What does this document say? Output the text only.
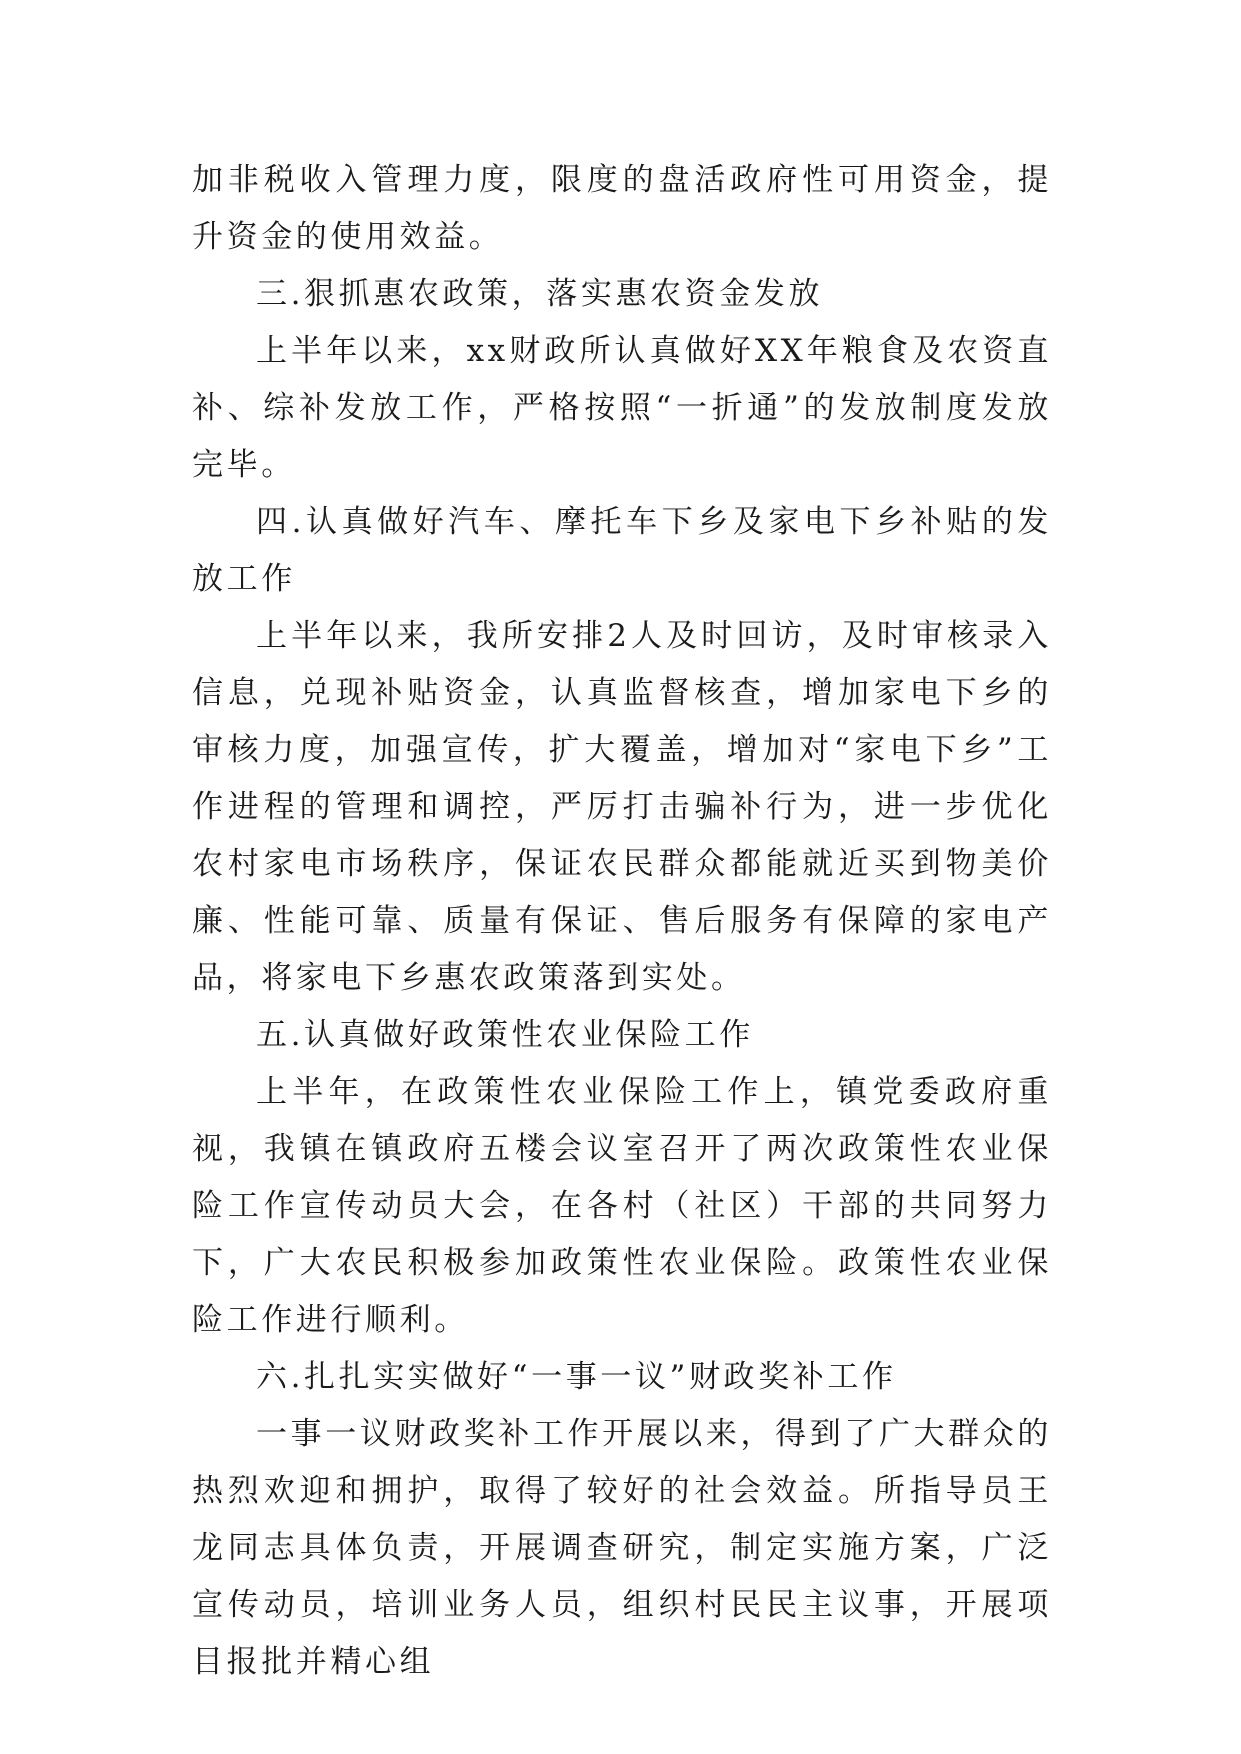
加非税收入管理力度，限度的盘活政府性可用资金，提升资金的使用效益。

三.狠抓惠农政策，落实惠农资金发放

上半年以来，xx财政所认真做好XX年粮食及农资直补、综补发放工作，严格按照“一折通”的发放制度发放完毕。

四.认真做好汽车、摩托车下乡及家电下乡补贴的发放工作

上半年以来，我所安排2人及时回访，及时审核录入信息，兑现补贴资金，认真监督核查，增加家电下乡的审核力度，加强宣传，扩大覆盖，增加对“家电下乡”工作进程的管理和调控，严厉打击骗补行为，进一步优化农村家电市场秩序，保证农民群众都能就近买到物美价廉、性能可靠、质量有保证、售后服务有保障的家电产品，将家电下乡惠农政策落到实处。

五.认真做好政策性农业保险工作

上半年，在政策性农业保险工作上，镇党委政府重视，我镇在镇政府五楼会议室召开了两次政策性农业保险工作宣传动员大会，在各村（社区）干部的共同努力下，广大农民积极参加政策性农业保险。政策性农业保险工作进行顺利。

六.扎扎实实做好“一事一议”财政奖补工作

一事一议财政奖补工作开展以来，得到了广大群众的热烈欢迎和拥护，取得了较好的社会效益。所指导员王龙同志具体负责，开展调查研究，制定实施方案，广泛宣传动员，培训业务人员，组织村民民主议事，开展项目报批并精心组
